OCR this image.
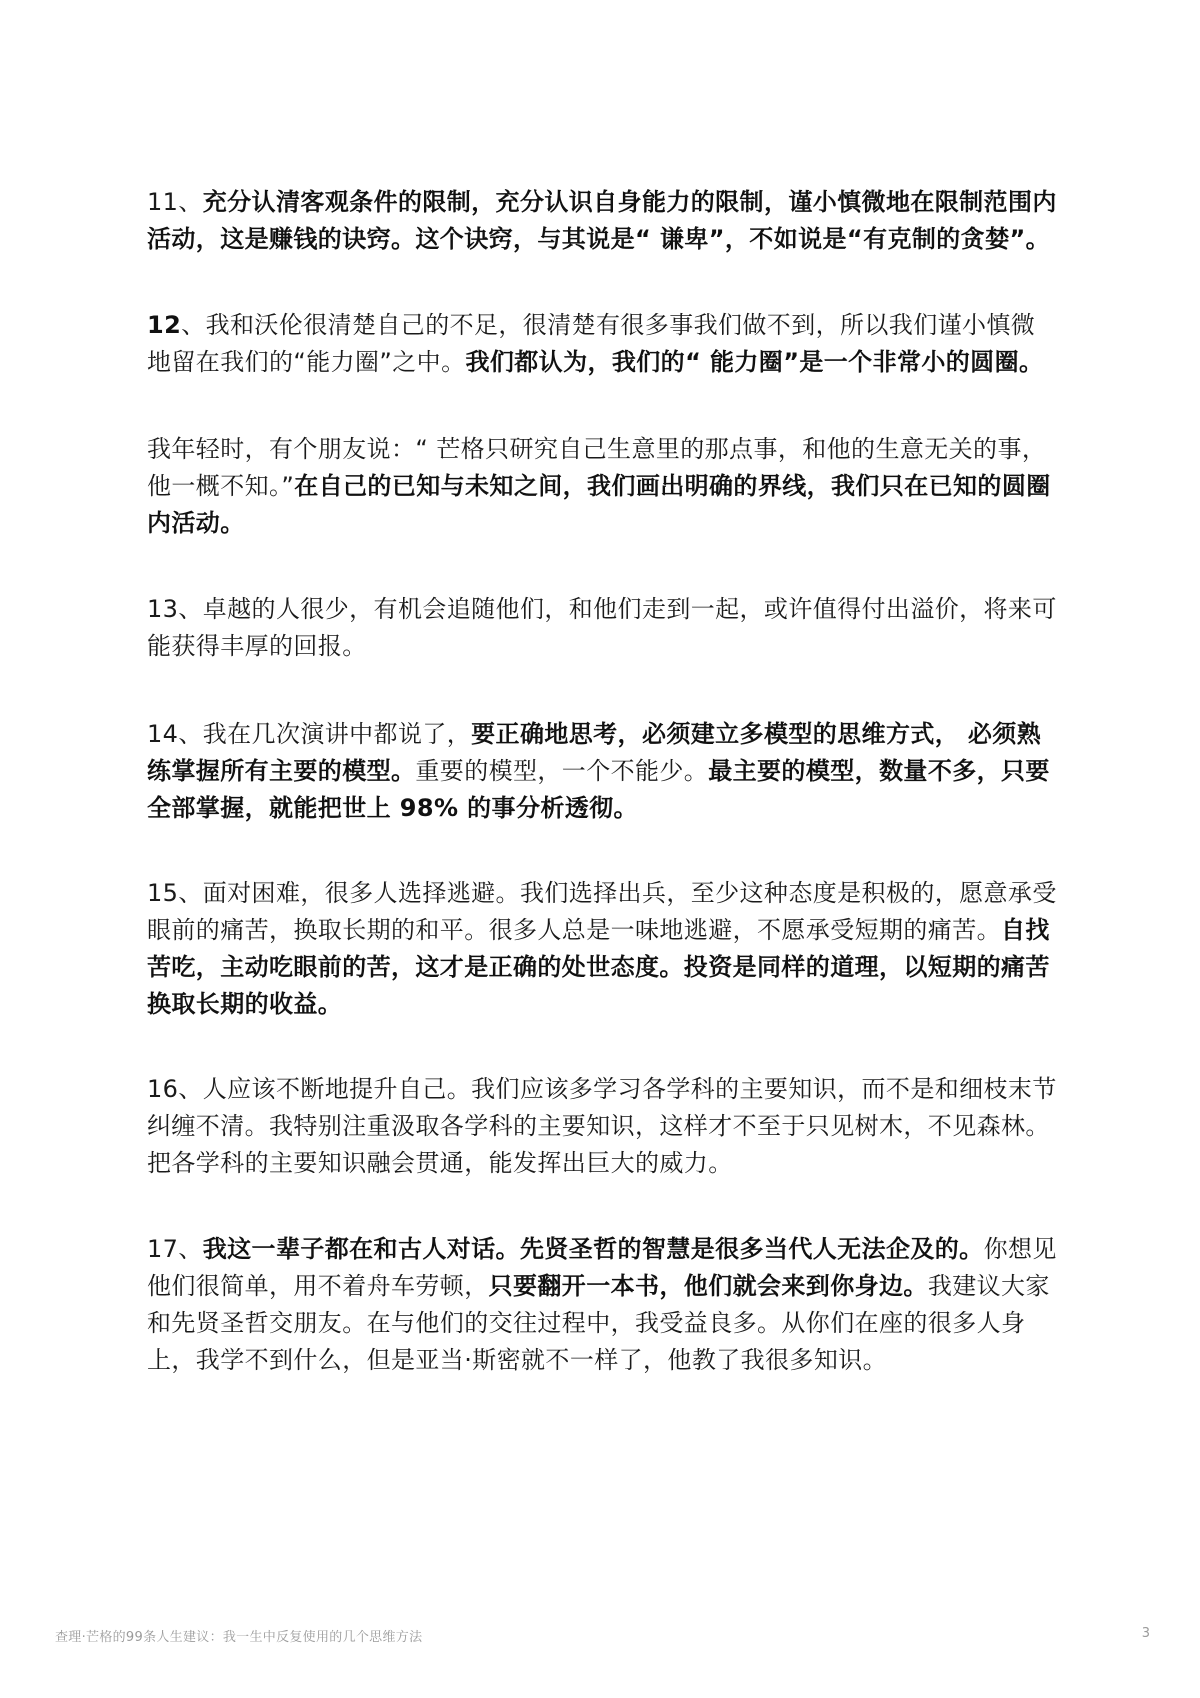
11、充分认清客观条件的限制，充分认识自身能力的限制，谨小慎微地在限制范围内活动，这是赚钱的诀窍。这个诀窍，与其说是“ 谦卑”，不如说是“有克制的贪婪”。

12、我和沃伦很清楚自己的不足，很清楚有很多事我们做不到，所以我们谨小慎微地留在我们的“能力圈”之中。我们都认为，我们的“ 能力圈”是一个非常小的圆圈。

我年轻时，有个朋友说：“ 芒格只研究自己生意里的那点事，和他的生意无关的事，他一概不知。”在自己的已知与未知之间，我们画出明确的界线，我们只在已知的圆圈内活动。

13、卓越的人很少，有机会追随他们，和他们走到一起，或许值得付出溢价，将来可能获得丰厚的回报。

14、我在几次演讲中都说了，要正确地思考，必须建立多模型的思维方式， 必须熟练掌握所有主要的模型。重要的模型，一个不能少。最主要的模型，数量不多，只要全部掌握，就能把世上 98% 的事分析透彻。

15、面对困难，很多人选择逃避。我们选择出兵，至少这种态度是积极的，愿意承受眼前的痛苦，换取长期的和平。很多人总是一味地逃避，不愿承受短期的痛苦。自找苦吃，主动吃眼前的苦，这才是正确的处世态度。投资是同样的道理，以短期的痛苦换取长期的收益。

16、人应该不断地提升自己。我们应该多学习各学科的主要知识，而不是和细枝末节纠缠不清。我特别注重汲取各学科的主要知识，这样才不至于只见树木，不见森林。把各学科的主要知识融会贯通，能发挥出巨大的威力。

17、我这一辈子都在和古人对话。先贤圣哲的智慧是很多当代人无法企及的。你想见他们很简单，用不着舟车劳顿，只要翻开一本书，他们就会来到你身边。我建议大家和先贤圣哲交朋友。在与他们的交往过程中，我受益良多。从你们在座的很多人身上，我学不到什么，但是亚当·斯密就不一样了，他教了我很多知识。

查理·芒格的99条人生建议：我一生中反复使用的几个思维方法	3
